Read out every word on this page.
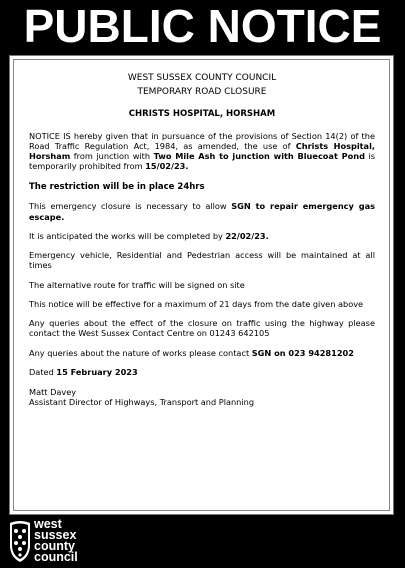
PUBLIC NOTICE
WEST SUSSEX COUNTY COUNCIL
TEMPORARY ROAD CLOSURE
CHRISTS HOSPITAL, HORSHAM

NOTICE IS hereby given that in pursuance of the provisions of Section 14(2) of the Road Traffic Regulation Act, 1984, as amended, the use of Christs Hospital, Horsham from junction with Two Mile Ash to junction with Bluecoat Pond is temporarily prohibited from 15/02/23.

The restriction will be in place 24hrs

This emergency closure is necessary to allow SGN to repair emergency gas escape.

It is anticipated the works will be completed by 22/02/23.

Emergency vehicle, Residential and Pedestrian access will be maintained at all times

The alternative route for traffic will be signed on site

This notice will be effective for a maximum of 21 days from the date given above

Any queries about the effect of the closure on traffic using the highway please contact the West Sussex Contact Centre on 01243 642105

Any queries about the nature of works please contact SGN on 023 94281202

Dated 15 February 2023

Matt Davey

Assistant Director of Highways, Transport and Planning

west
sussex
county
council
